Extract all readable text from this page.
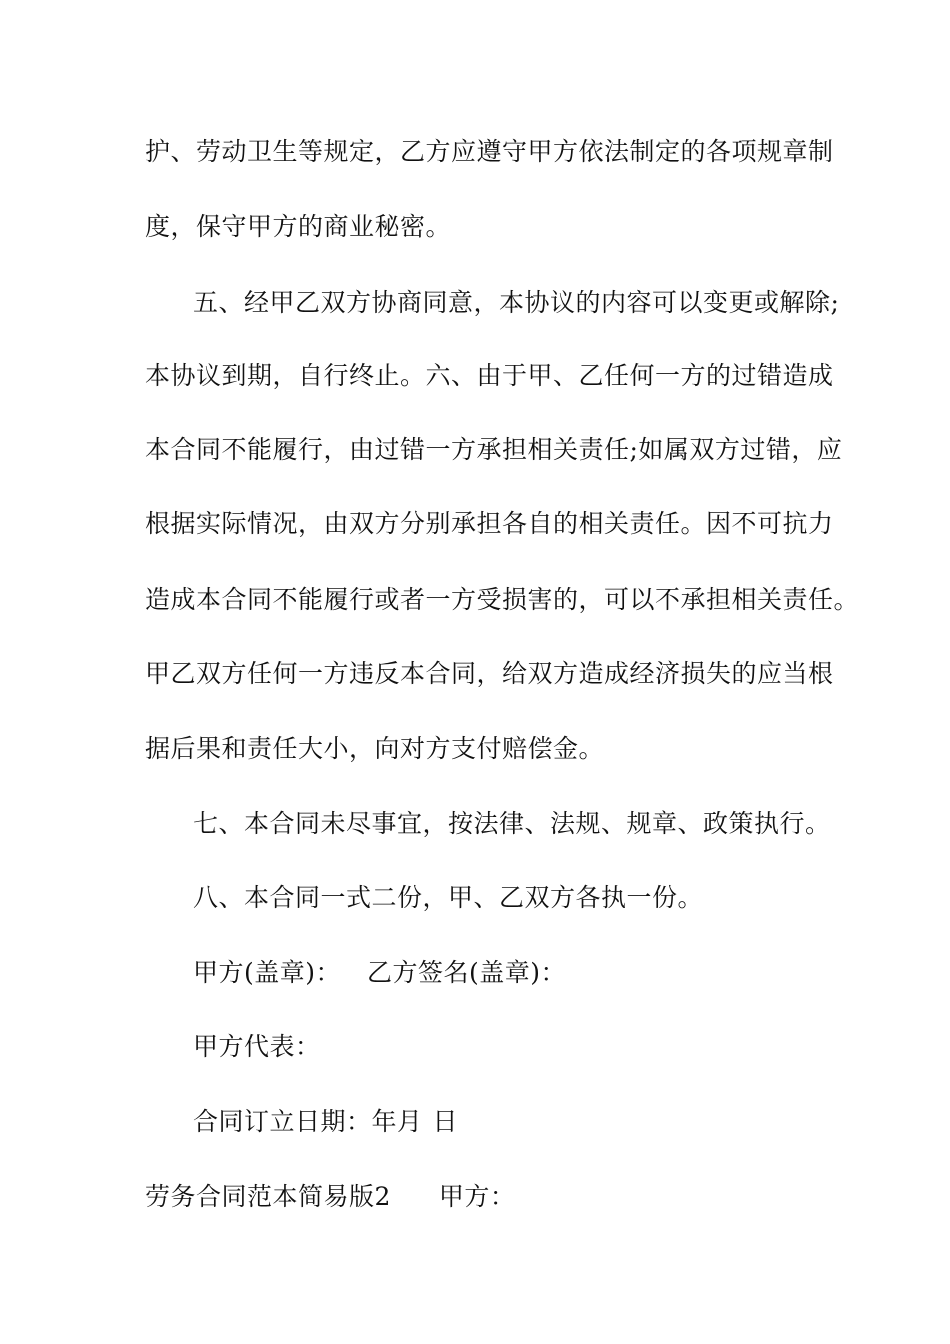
护、劳动卫生等规定，乙方应遵守甲方依法制定的各项规章制
度，保守甲方的商业秘密。
五、经甲乙双方协商同意，本协议的内容可以变更或解除;
本协议到期，自行终止。六、由于甲、乙任何一方的过错造成
本合同不能履行，由过错一方承担相关责任;如属双方过错，应
根据实际情况，由双方分别承担各自的相关责任。因不可抗力
造成本合同不能履行或者一方受损害的，可以不承担相关责任。
甲乙双方任何一方违反本合同，给双方造成经济损失的应当根
据后果和责任大小，向对方支付赔偿金。
七、本合同未尽事宜，按法律、法规、规章、政策执行。
八、本合同一式二份，甲、乙双方各执一份。
甲方(盖章)： 乙方签名(盖章)：
甲方代表：
合同订立日期：年月 日
劳务合同范本简易版2 甲方：
